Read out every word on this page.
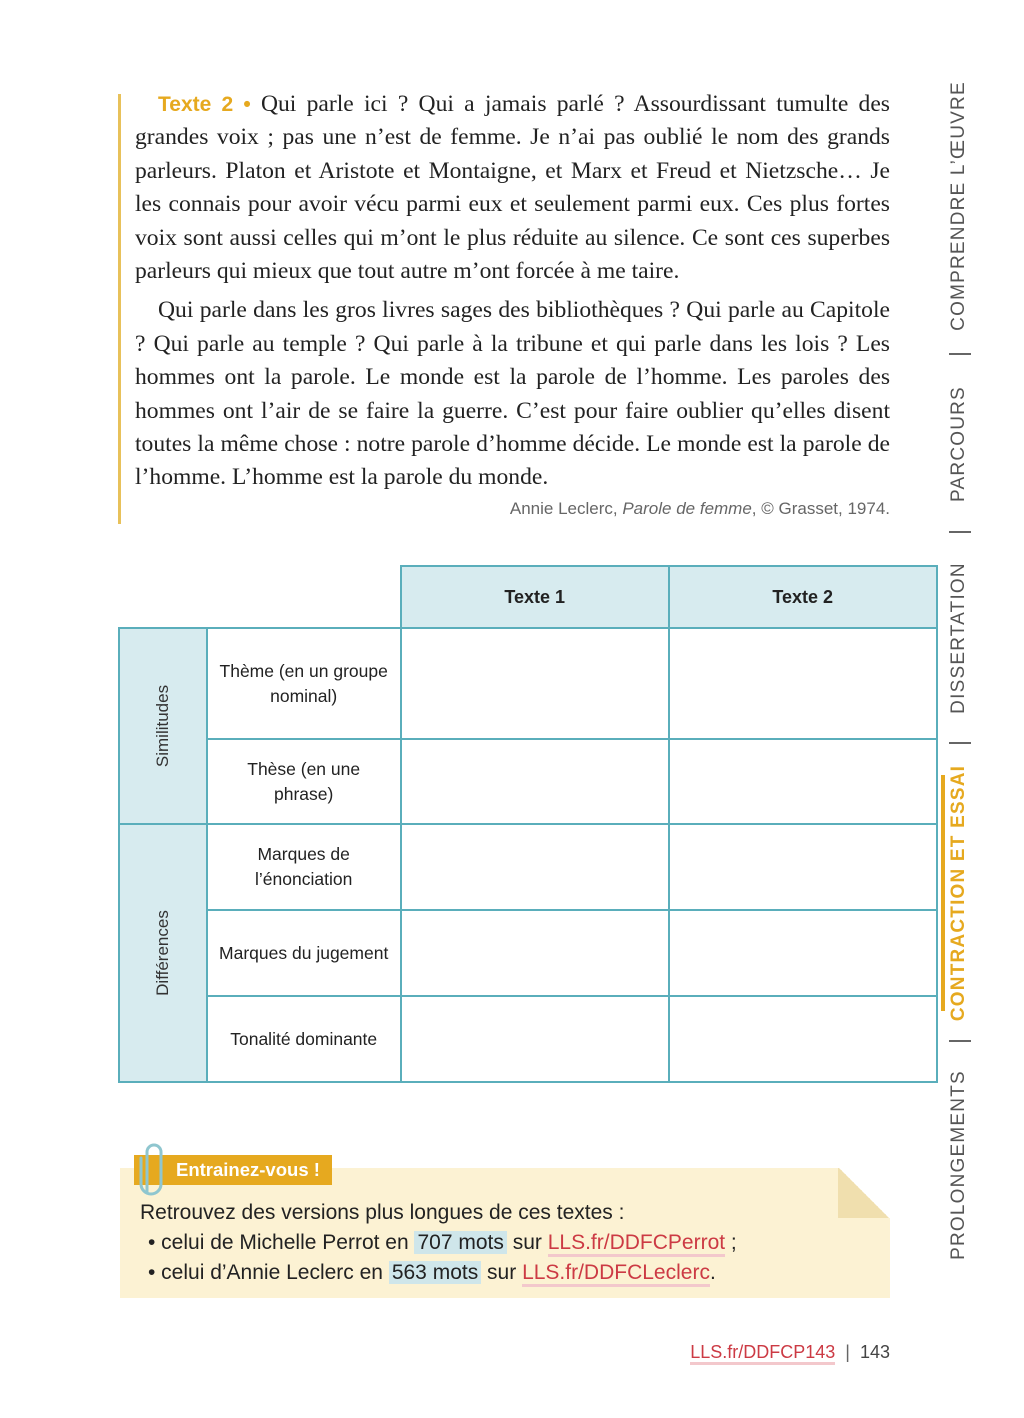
Texte 2 • Qui parle ici ? Qui a jamais parlé ? Assourdissant tumulte des grandes voix ; pas une n’est de femme. Je n’ai pas oublié le nom des grands parleurs. Platon et Aristote et Montaigne, et Marx et Freud et Nietzsche… Je les connais pour avoir vécu parmi eux et seulement parmi eux. Ces plus fortes voix sont aussi celles qui m’ont le plus réduite au silence. Ce sont ces superbes parleurs qui mieux que tout autre m’ont forcée à me taire.

Qui parle dans les gros livres sages des bibliothèques ? Qui parle au Capitole ? Qui parle au temple ? Qui parle à la tribune et qui parle dans les lois ? Les hommes ont la parole. Le monde est la parole de l’homme. Les paroles des hommes ont l’air de se faire la guerre. C’est pour faire oublier qu’elles disent toutes la même chose : notre parole d’homme décide. Le monde est la parole de l’homme. L’homme est la parole du monde.

Annie Leclerc, Parole de femme, © Grasset, 1974.

		Texte 1	Texte 2
Similitudes	Thème (en un groupe nominal)		
	Thèse (en une phrase)		
Différences	Marques de l’énonciation		
	Marques du jugement		
	Tonalité dominante		
Entrainez-vous !
Retrouvez des versions plus longues de ces textes :
• celui de Michelle Perrot en 707 mots sur LLS.fr/DDFCPerrot ;
• celui d’Annie Leclerc en 563 mots sur LLS.fr/DDFCLeclerc.
LLS.fr/DDFCP143 | 143
COMPRENDRE L’ŒUVRE
PARCOURS
DISSERTATION
CONTRACTION ET ESSAI
PROLONGEMENTS
